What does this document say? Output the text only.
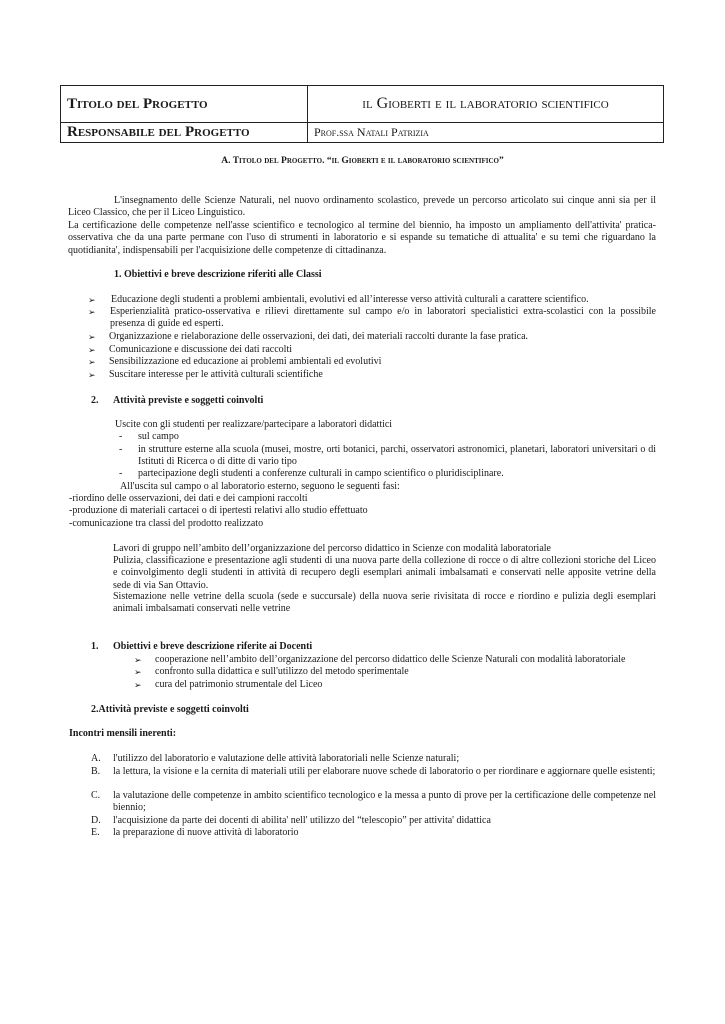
Titolo del Progetto	il Gioberti e il laboratorio scientifico
Responsabile del Progetto	Prof.ssa Natali Patrizia
A. Titolo del Progetto. “il Gioberti e il laboratorio scientifico”

L'insegnamento delle Scienze Naturali, nel nuovo ordinamento scolastico, prevede un percorso articolato sui cinque anni sia per il Liceo Classico, che per il Liceo Linguistico.

La certificazione delle competenze nell'asse scientifico e tecnologico al termine del biennio, ha imposto un ampliamento dell'attivita' pratica-osservativa che da una parte permane con l'uso di strumenti in laboratorio e si espande su tematiche di attualita' e su temi che riguardano la quotidianita', indispensabili per l'acquisizione delle competenze di cittadinanza.

1. Obiettivi e breve descrizione riferiti alle Classi
➢ Educazione degli studenti a problemi ambientali, evolutivi ed all’interesse verso attività culturali a carattere scientifico.
➢ Esperienzialità pratico-osservativa e rilievi direttamente sul campo e/o in laboratori specialistici extra-scolastici con la possibile presenza di guide ed esperti.
➢ Organizzazione e rielaborazione delle osservazioni, dei dati, dei materiali raccolti durante la fase pratica.
➢ Comunicazione e discussione dei dati raccolti
➢ Sensibilizzazione ed educazione ai problemi ambientali ed evolutivi
➢ Suscitare interesse per le attività culturali scientifiche
2. Attività previste e soggetti coinvolti
Uscite con gli studenti per realizzare/partecipare a laboratori didattici
- sul campo
- in strutture esterne alla scuola (musei, mostre, orti botanici, parchi, osservatori astronomici, planetari, laboratori universitari o di Istituti di Ricerca o di ditte di vario tipo
- partecipazione degli studenti a conferenze culturali in campo scientifico o pluridisciplinare.
All'uscita sul campo o al laboratorio esterno, seguono le seguenti fasi:
-riordino delle osservazioni, dei dati e dei campioni raccolti
-produzione di materiali cartacei o di ipertesti relativi allo studio effettuato
-comunicazione tra classi del prodotto realizzato
Lavori di gruppo nell’ambito dell’organizzazione del percorso didattico in Scienze con modalità laboratoriale
Pulizia, classificazione e presentazione agli studenti di una nuova parte della collezione di rocce o di altre collezioni storiche del Liceo e coinvolgimento degli studenti in attività di recupero degli esemplari animali imbalsamati e conservati nelle apposite vetrine della sede di via San Ottavio.
Sistemazione nelle vetrine della scuola (sede e succursale) della nuova serie rivisitata di rocce e riordino e pulizia degli esemplari animali imbalsamati conservati nelle vetrine
1. Obiettivi e breve descrizione riferite ai Docenti
➢ cooperazione nell’ambito dell’organizzazione del percorso didattico delle Scienze Naturali con modalità laboratoriale
➢ confronto sulla didattica e sull'utilizzo del metodo sperimentale
➢ cura del patrimonio strumentale del Liceo
2.Attività previste e soggetti coinvolti
Incontri mensili inerenti:
A. l'utilizzo del laboratorio e valutazione delle attività laboratoriali nelle Scienze naturali;
B. la lettura, la visione e la cernita di materiali utili per elaborare nuove schede di laboratorio o per riordinare e aggiornare quelle esistenti;
C. la valutazione delle competenze in ambito scientifico tecnologico e la messa a punto di prove per la certificazione delle competenze nel biennio;
D. l'acquisizione da parte dei docenti di abilita' nell' utilizzo del “telescopio” per attivita' didattica
E. la preparazione di nuove attività di laboratorio
